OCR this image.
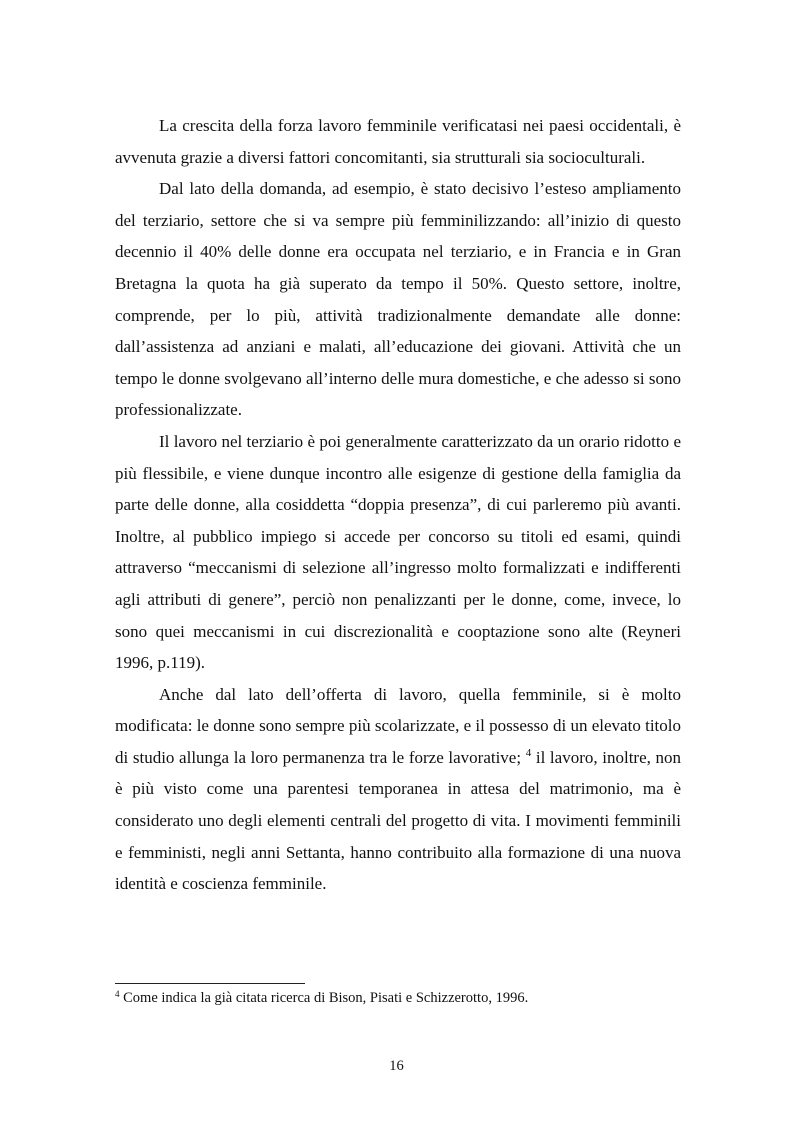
La crescita della forza lavoro femminile verificatasi nei paesi occidentali, è avvenuta grazie a diversi fattori concomitanti, sia strutturali sia socioculturali.

Dal lato della domanda, ad esempio, è stato decisivo l’esteso ampliamento del terziario, settore che si va sempre più femminilizzando: all’inizio di questo decennio il 40% delle donne era occupata nel terziario, e in Francia e in Gran Bretagna la quota ha già superato da tempo il 50%. Questo settore, inoltre, comprende, per lo più, attività tradizionalmente demandate alle donne: dall’assistenza ad anziani e malati, all’educazione dei giovani. Attività che un tempo le donne svolgevano all’interno delle mura domestiche, e che adesso si sono professionalizzate.

Il lavoro nel terziario è poi generalmente caratterizzato da un orario ridotto e più flessibile, e viene dunque incontro alle esigenze di gestione della famiglia da parte delle donne, alla cosiddetta “doppia presenza”, di cui parleremo più avanti. Inoltre, al pubblico impiego si accede per concorso su titoli ed esami, quindi attraverso “meccanismi di selezione all’ingresso molto formalizzati e indifferenti agli attributi di genere”, perciò non penalizzanti per le donne, come, invece, lo sono quei meccanismi in cui discrezionalità e cooptazione sono alte (Reyneri 1996, p.119).

Anche dal lato dell’offerta di lavoro, quella femminile, si è molto modificata: le donne sono sempre più scolarizzate, e il possesso di un elevato titolo di studio allunga la loro permanenza tra le forze lavorative; $^4$ il lavoro, inoltre, non è più visto come una parentesi temporanea in attesa del matrimonio, ma è considerato uno degli elementi centrali del progetto di vita. I movimenti femminili e femministi, negli anni Settanta, hanno contribuito alla formazione di una nuova identità e coscienza femminile.

$^4$ Come indica la già citata ricerca di Bison, Pisati e Schizzerotto, 1996.

16
